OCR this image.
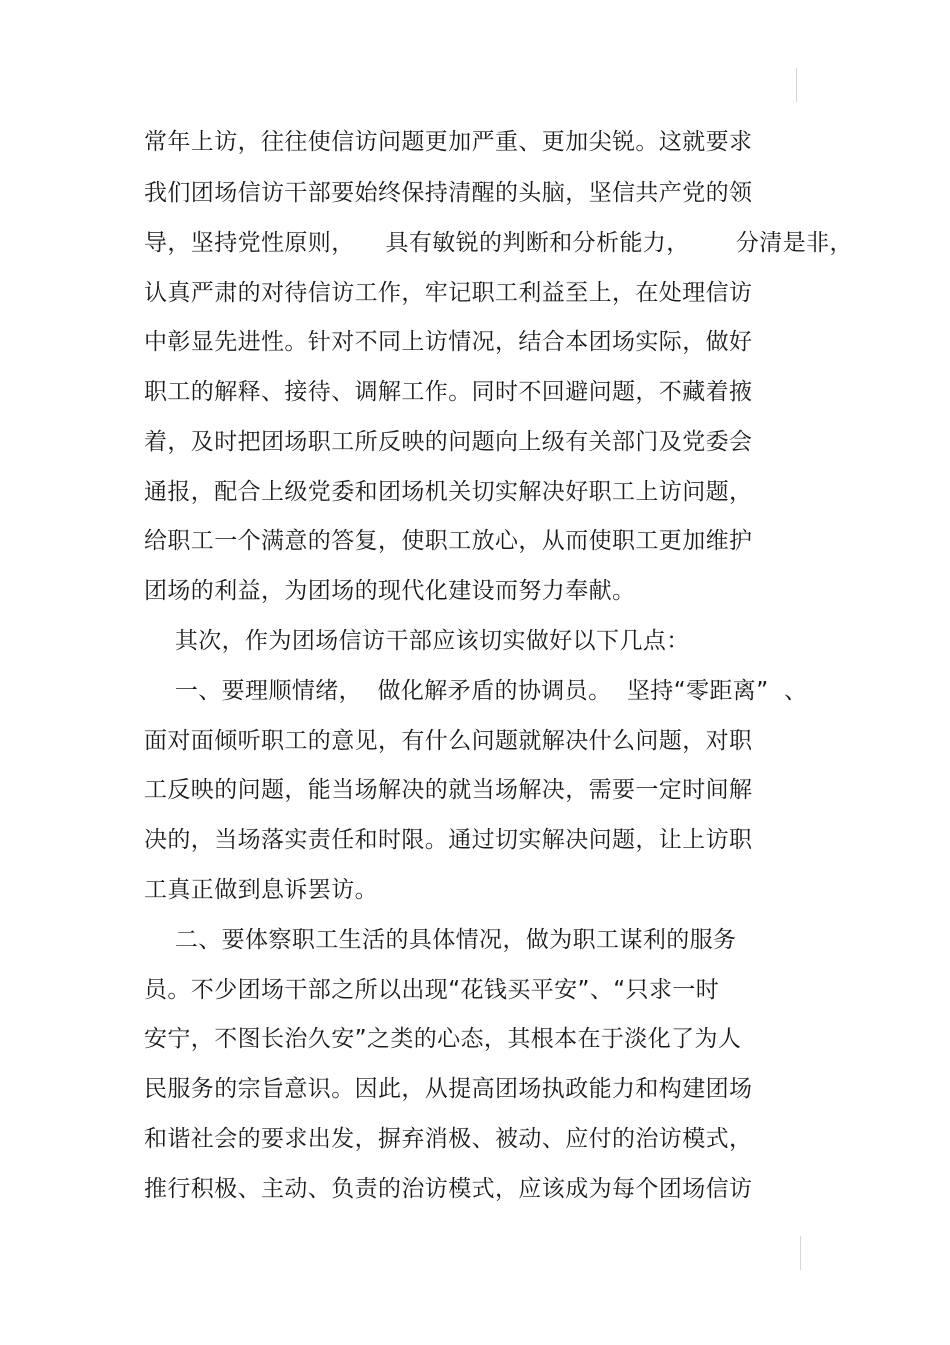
常年上访，往往使信访问题更加严重、更加尖锐。这就要求
我们团场信访干部要始终保持清醒的头脑，坚信共产党的领
导，坚持党性原则，    具有敏锐的判断和分析能力，      分清是非，
认真严肃的对待信访工作，牢记职工利益至上，在处理信访
中彰显先进性。针对不同上访情况，结合本团场实际，做好
职工的解释、接待、调解工作。同时不回避问题，不藏着掖
着，及时把团场职工所反映的问题向上级有关部门及党委会
通报，配合上级党委和团场机关切实解决好职工上访问题，
给职工一个满意的答复，使职工放心，从而使职工更加维护
团场的利益，为团场的现代化建设而努力奉献。
其次，作为团场信访干部应该切实做好以下几点：
一、要理顺情绪，  做化解矛盾的协调员。  坚持“零距离”  、
面对面倾听职工的意见，有什么问题就解决什么问题，对职
工反映的问题，能当场解决的就当场解决，需要一定时间解
决的，当场落实责任和时限。通过切实解决问题，让上访职
工真正做到息诉罢访。
二、要体察职工生活的具体情况，做为职工谋利的服务
员。不少团场干部之所以出现“花钱买平安”、“只求一时
安宁，不图长治久安”之类的心态，其根本在于淡化了为人
民服务的宗旨意识。因此，从提高团场执政能力和构建团场
和谐社会的要求出发，摒弃消极、被动、应付的治访模式，
推行积极、主动、负责的治访模式，应该成为每个团场信访
